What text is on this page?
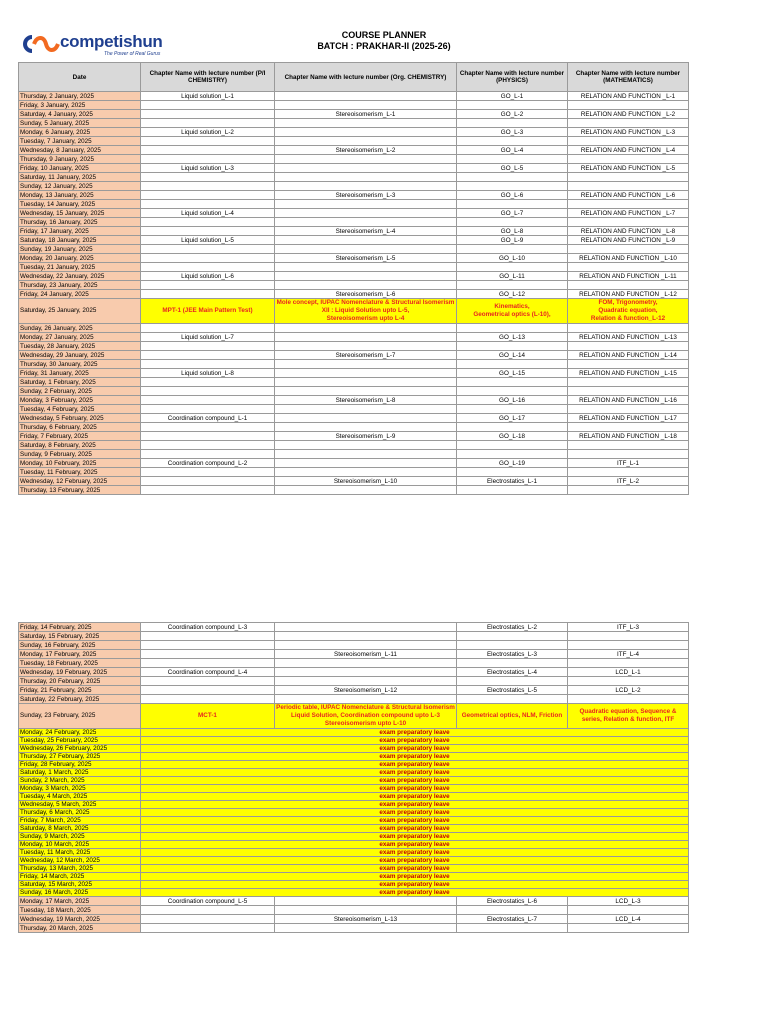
competishun
The Power of Real Gurus
COURSE PLANNER
BATCH : PRAKHAR-II (2025-26)
Date	Chapter Name with lecture number (P/I CHEMISTRY)	Chapter Name with lecture number (Org. CHEMISTRY)	Chapter Name with lecture number (PHYSICS)	Chapter Name with lecture number (MATHEMATICS)
Thursday, 2 January, 2025	Liquid solution_L-1		GO_L-1	RELATION AND FUNCTION _L-1
Friday, 3 January, 2025				
Saturday, 4 January, 2025		Stereoisomerism_L-1	GO_L-2	RELATION AND FUNCTION _L-2
Sunday, 5 January, 2025				
Monday, 6 January, 2025	Liquid solution_L-2		GO_L-3	RELATION AND FUNCTION _L-3
Tuesday, 7 January, 2025				
Wednesday, 8 January, 2025		Stereoisomerism_L-2	GO_L-4	RELATION AND FUNCTION _L-4
Thursday, 9 January, 2025				
Friday, 10 January, 2025	Liquid solution_L-3		GO_L-5	RELATION AND FUNCTION _L-5
Saturday, 11 January, 2025				
Sunday, 12 January, 2025				
Monday, 13 January, 2025		Stereoisomerism_L-3	GO_L-6	RELATION AND FUNCTION _L-6
Tuesday, 14 January, 2025				
Wednesday, 15 January, 2025	Liquid solution_L-4		GO_L-7	RELATION AND FUNCTION _L-7
Thursday, 16 January, 2025				
Friday, 17 January, 2025		Stereoisomerism_L-4	GO_L-8	RELATION AND FUNCTION _L-8
Saturday, 18 January, 2025	Liquid solution_L-5		GO_L-9	RELATION AND FUNCTION _L-9
Sunday, 19 January, 2025				
Monday, 20 January, 2025		Stereoisomerism_L-5	GO_L-10	RELATION AND FUNCTION _L-10
Tuesday, 21 January, 2025				
Wednesday, 22 January, 2025	Liquid solution_L-6		GO_L-11	RELATION AND FUNCTION _L-11
Thursday, 23 January, 2025				
Friday, 24 January, 2025		Stereoisomerism_L-6	GO_L-12	RELATION AND FUNCTION _L-12
Saturday, 25 January, 2025	MPT-1 (JEE Main Pattern Test)	Mole concept, IUPAC Nomenclature & Structural Isomerism
XII : Liquid Solution upto L-5,
Stereoisomerism upto L-4	Kinematics,
Geometrical optics (L-10),	FOM, Trigonometry,
Quadratic equation,
Relation & function_L-12
Sunday, 26 January, 2025				
Monday, 27 January, 2025	Liquid solution_L-7		GO_L-13	RELATION AND FUNCTION _L-13
Tuesday, 28 January, 2025				
Wednesday, 29 January, 2025		Stereoisomerism_L-7	GO_L-14	RELATION AND FUNCTION _L-14
Thursday, 30 January, 2025				
Friday, 31 January, 2025	Liquid solution_L-8		GO_L-15	RELATION AND FUNCTION _L-15
Saturday, 1 February, 2025				
Sunday, 2 February, 2025				
Monday, 3 February, 2025		Stereoisomerism_L-8	GO_L-16	RELATION AND FUNCTION _L-16
Tuesday, 4 February, 2025				
Wednesday, 5 February, 2025	Coordination compound_L-1		GO_L-17	RELATION AND FUNCTION _L-17
Thursday, 6 February, 2025				
Friday, 7 February, 2025		Stereoisomerism_L-9	GO_L-18	RELATION AND FUNCTION _L-18
Saturday, 8 February, 2025				
Sunday, 9 February, 2025				
Monday, 10 February, 2025	Coordination compound_L-2		GO_L-19	ITF_L-1
Tuesday, 11 February, 2025				
Wednesday, 12 February, 2025		Stereoisomerism_L-10	Electrostatics_L-1	ITF_L-2
Thursday, 13 February, 2025				
Friday, 14 February, 2025	Coordination compound_L-3		Electrostatics_L-2	ITF_L-3
Saturday, 15 February, 2025				
Sunday, 16 February, 2025				
Monday, 17 February, 2025		Stereoisomerism_L-11	Electrostatics_L-3	ITF_L-4
Tuesday, 18 February, 2025				
Wednesday, 19 February, 2025	Coordination compound_L-4		Electrostatics_L-4	LCD_L-1
Thursday, 20 February, 2025				
Friday, 21 February, 2025		Stereoisomerism_L-12	Electrostatics_L-5	LCD_L-2
Saturday, 22 February, 2025				
Sunday, 23 February, 2025	MCT-1	Periodic table, IUPAC Nomenclature & Structural Isomerism
Liquid Solution, Coordination compound upto L-3
Stereoisomerism upto L-10	Geometrical optics, NLM, Friction	Quadratic equation, Sequence & series, Relation & function, ITF
Monday, 24 February, 2025	exam preparatory leave			
Tuesday, 25 February, 2025	exam preparatory leave			
Wednesday, 26 February, 2025	exam preparatory leave			
Thursday, 27 February, 2025	exam preparatory leave			
Friday, 28 February, 2025	exam preparatory leave			
Saturday, 1 March, 2025	exam preparatory leave			
Sunday, 2 March, 2025	exam preparatory leave			
Monday, 3 March, 2025	exam preparatory leave			
Tuesday, 4 March, 2025	exam preparatory leave			
Wednesday, 5 March, 2025	exam preparatory leave			
Thursday, 6 March, 2025	exam preparatory leave			
Friday, 7 March, 2025	exam preparatory leave			
Saturday, 8 March, 2025	exam preparatory leave			
Sunday, 9 March, 2025	exam preparatory leave			
Monday, 10 March, 2025	exam preparatory leave			
Tuesday, 11 March, 2025	exam preparatory leave			
Wednesday, 12 March, 2025	exam preparatory leave			
Thursday, 13 March, 2025	exam preparatory leave			
Friday, 14 March, 2025	exam preparatory leave			
Saturday, 15 March, 2025	exam preparatory leave			
Sunday, 16 March, 2025	exam preparatory leave			
Monday, 17 March, 2025	Coordination compound_L-5		Electrostatics_L-6	LCD_L-3
Tuesday, 18 March, 2025				
Wednesday, 19 March, 2025		Stereoisomerism_L-13	Electrostatics_L-7	LCD_L-4
Thursday, 20 March, 2025				
